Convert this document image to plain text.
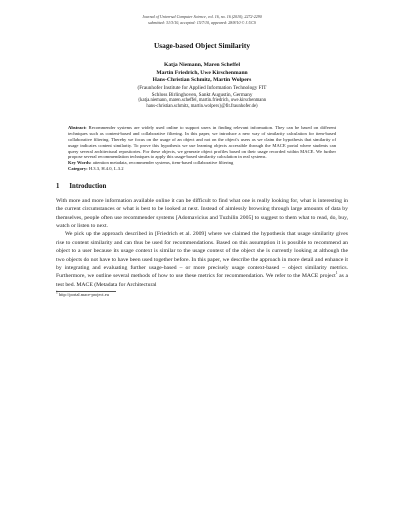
Journal of Universal Computer Science, vol. 16, no. 16 (2010), 2272-2290
submitted: 31/3/10, accepted: 15/7/10, appeared: 28/8/10 © J.UCS
Usage-based Object Similarity
Katja Niemann, Maren Scheffel
Martin Friedrich, Uwe Kirschenmann
Hans-Christian Schmitz, Martin Wolpers
(Fraunhofer Institute for Applied Information Technology FIT
Schloss Birlinghoven, Sankt Augustin, Germany
{katja.niemann, maren.scheffel, martin.friedrich, uwe.kirschenmann
hans-christian.schmitz, martin.wolpers}@fit.fraunhofer.de)
Abstract: Recommender systems are widely used online to support users in finding relevant information. They can be based on different techniques such as content-based and collaborative filtering. In this paper, we introduce a new way of similarity calculation for item-based collaborative filtering. Thereby we focus on the usage of an object and not on the object's users as we claim the hypothesis that similarity of usage indicates content similarity. To prove this hypothesis we use learning objects accessible through the MACE portal where students can query several architectural repositories. For these objects, we generate object profiles based on their usage recorded within MACE. We further propose several recommendation techniques to apply this usage-based similarity calculation in real systems.
Key Words: attention metadata, recommender systems, item-based collaborative filtering
Category: H.3.3, H.4.0, L.3.2
1 Introduction
With more and more information available online it can be difficult to find what one is really looking for, what is interesting in the current circumstances or what is best to be looked at next. Instead of aimlessly browsing through large amounts of data by themselves, people often use recommender systems [Adomavicius and Tuzhilin 2005] to suggest to them what to read, do, buy, watch or listen to next.
We pick up the approach described in [Friedrich et al. 2009] where we claimed the hypothesis that usage similarity gives rise to content similarity and can thus be used for recommendations. Based on this assumption it is possible to recommend an object to a user because its usage context is similar to the usage context of the object she is currently looking at although the two objects do not have to have been used together before. In this paper, we describe the approach in more detail and enhance it by integrating and evaluating further usage-based – or more precisely usage context-based – object similarity metrics. Furthermore, we outline several methods of how to use these metrics for recommendation. We refer to the MACE project$^1$ as a test bed. MACE (Metadata for Architectural
$^1$ http://portal.mace-project.eu
